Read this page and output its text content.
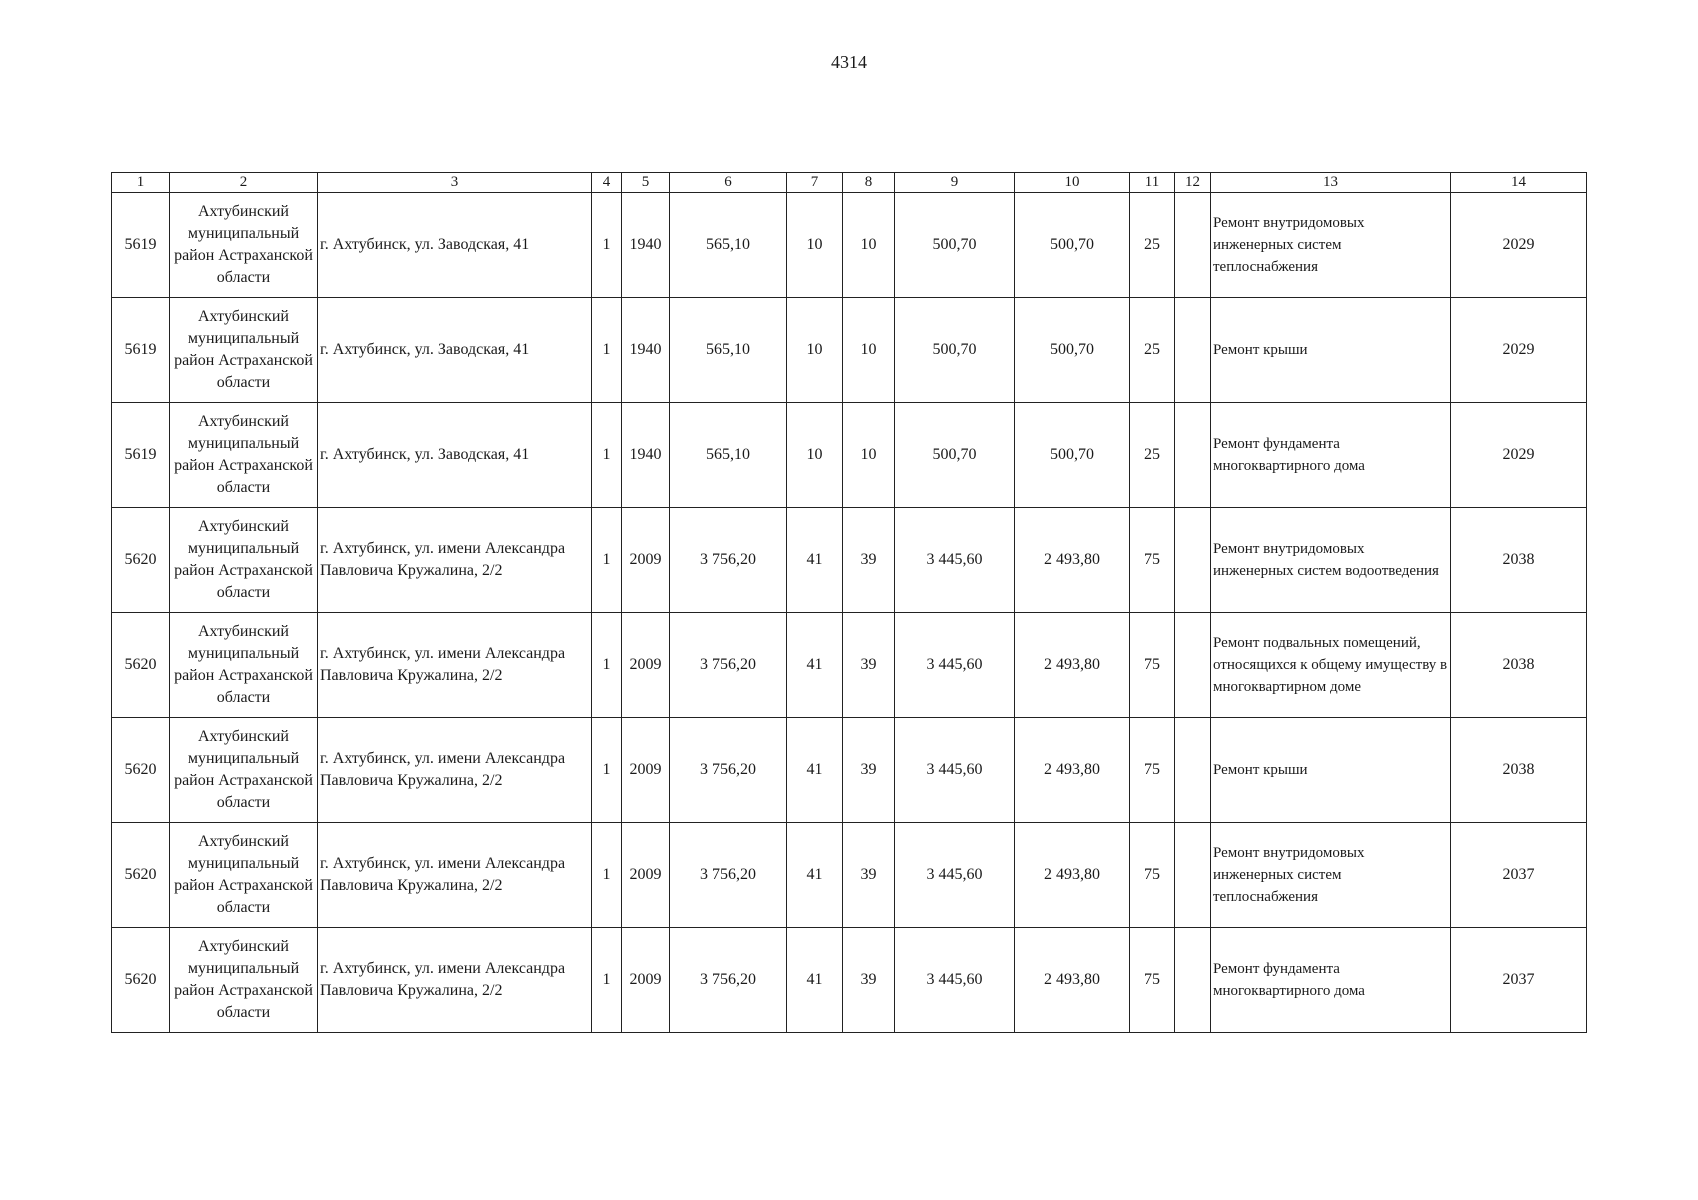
4314
1	2	3	4	5	6	7	8	9	10	11	12	13	14
5619	Ахтубинский муниципальный район Астраханской области	г. Ахтубинск, ул. Заводская, 41	1	1940	565,10	10	10	500,70	500,70	25		Ремонт внутридомовых инженерных систем теплоснабжения	2029
5619	Ахтубинский муниципальный район Астраханской области	г. Ахтубинск, ул. Заводская, 41	1	1940	565,10	10	10	500,70	500,70	25		Ремонт крыши	2029
5619	Ахтубинский муниципальный район Астраханской области	г. Ахтубинск, ул. Заводская, 41	1	1940	565,10	10	10	500,70	500,70	25		Ремонт фундамента многоквартирного дома	2029
5620	Ахтубинский муниципальный район Астраханской области	г. Ахтубинск, ул. имени Александра Павловича Кружалина, 2/2	1	2009	3 756,20	41	39	3 445,60	2 493,80	75		Ремонт внутридомовых инженерных систем водоотведения	2038
5620	Ахтубинский муниципальный район Астраханской области	г. Ахтубинск, ул. имени Александра Павловича Кружалина, 2/2	1	2009	3 756,20	41	39	3 445,60	2 493,80	75		Ремонт подвальных помещений, относящихся к общему имуществу в многоквартирном доме	2038
5620	Ахтубинский муниципальный район Астраханской области	г. Ахтубинск, ул. имени Александра Павловича Кружалина, 2/2	1	2009	3 756,20	41	39	3 445,60	2 493,80	75		Ремонт крыши	2038
5620	Ахтубинский муниципальный район Астраханской области	г. Ахтубинск, ул. имени Александра Павловича Кружалина, 2/2	1	2009	3 756,20	41	39	3 445,60	2 493,80	75		Ремонт внутридомовых инженерных систем теплоснабжения	2037
5620	Ахтубинский муниципальный район Астраханской области	г. Ахтубинск, ул. имени Александра Павловича Кружалина, 2/2	1	2009	3 756,20	41	39	3 445,60	2 493,80	75		Ремонт фундамента многоквартирного дома	2037
